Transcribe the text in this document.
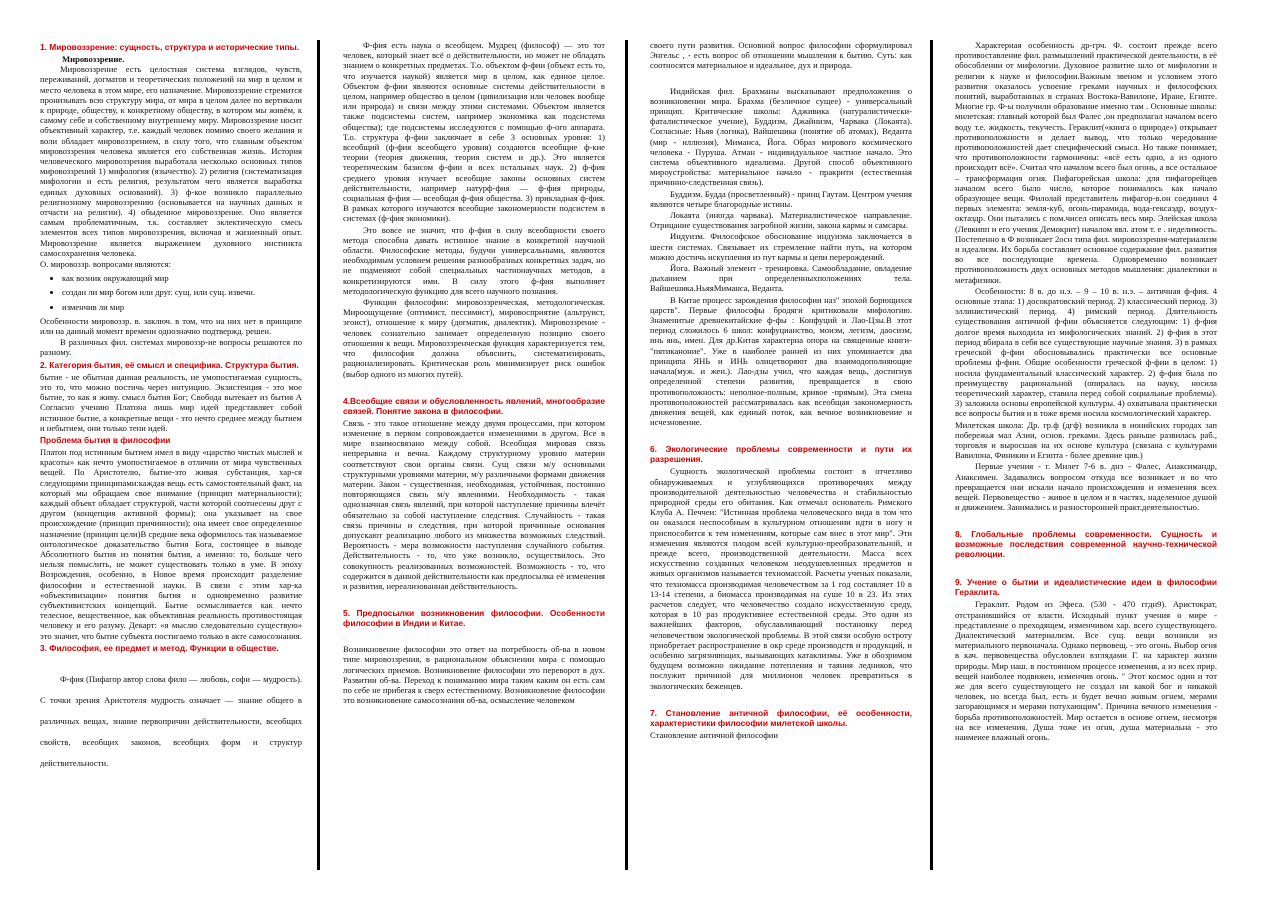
1. Мировоззрение: сущность, структура и исторические типы.
Мировоззрение.

Мировоззрение есть целостная система взглядов, чувств, переживаний, догматов и теоретических положений на мир в целом и место человека в этом мире, его назначение. Мировоззрение стремится пронизывать всю структуру мира, от мира в целом далее по вертикали к природе, обществу, к конкретному обществу, в котором мы живём, к самому себе и собственному внутреннему миру. Мировоззрение носит объективный характер, т.е. каждый человек помимо своего желания и воли обладает мировоззрением, в силу того, что главным объектом мировоззрения человека является его собственная жизнь. История человеческого мировоззрения выработала несколько основных типов мировоззрений 1) мифология (язычество). 2) религия (систематизация мифологии и есть религия, результатом чего является выработка единых духовных оснований). 3) ф-кое возникло параллельно религиозному мировоззрению (основывается на научных данных и отчасти на религии). 4) обыденное мировоззрение. Оно является самым проблематичным, т.к. составляет эклектическую смесь элементов всех типов мировоззрения, включая и жизненный опыт. Мировоззрение является выражением духовного инстинкта самосохранения человека.

О. мировоззр. вопросами являются:

• как возник окружающий мир
• создан ли мир богом или друг. сущ. или сущ. извечн.
• изменчив ли мир

Особенности мировоззр. в. заключ. в том, что на них нет в принципе или на данный момент времени однозначно подтвержд. решен.

В различных фил. системах мировоззр-ие вопросы решаются по разному.

2. Категория бытия, её смысл и специфика. Структура бытия.

бытие - не обытная данная реальность, не умопостигаемая сущность, это то, что можно постичь через интуицию. Экзистенция - это мое бытие, то как я живу. смысл бытия Бог; Свобода вытекает из бытия А Согласно учению Платона лишь мир идей представляет собой истинное бытие, а конкретные вещи - это нечто среднее между бытием и небытием, они только тени идей.

Проблема бытия в философии

Платон под истинным бытием имел в виду «царство чистых мыслей и красоты» как нечто умопостигаемое в отличии от мира чувственных вещей. По Аристотелю, бытие-это живая субстанция, хар-ся следующими принципами:каждая вещь есть самостоятельный факт, на который мы обращаем свое внимание (принцип материальности); каждый объект обладает структурой, части которой соотнесены друг с другом (концепция активной формы); она указывает на свое происхождение (принцип причинности); она имеет свое определенное назначение (принцип цели)В средние века оформилось так называемое онтологическое доказательство бытия Бога, состоящее в выводе Абсолютного бытия из понятия бытия, а именно: то, больше чего нельзя помыслить, не может существовать только в уме. В эпоху Возрождения, особенно, в Новое время происходит разделение философии и естественной науки. В связи с этим хар-ка «объективизации» понятия бытия и одновременно развитие субъективистских концепций. Бытие осмысливается как нечто телесное, вещественное, как объективная реальность противостоящая человеку и его разуму. Декарт: «я мыслю следовательно существую» это значит, что бытие субъекта постигаемо только в акте самосознания.

3. Философия, ее предмет и метод. Функции в обществе.

Ф-фия (Пифагор автор слова фило — любовь, софи — мудрость). С точки зрения Аристотеля мудрость означает — знание общего в различных вещах, знание первопричин действительности, всеобщих свойств, всеобщих законов, всеобщих форм и структур действительности.

Ф-фия есть наука о всеобщем. Мудрец (философ) — это тот человек, который знает всё о действительности, но может не обладать знанием о конкретных предметах. Т.о. объектом ф-фии (объект есть то, что изучается наукой) является мир в целом, как единое целое. Объектом ф-фии являются основные системы действительности в целом, например общество в целом (цивилизация или человек вообще или природа) и связи между этими системами. Объектом является также подсистемы систем, например экономика как подсистема общества); где подсистемы исследуются с помощью ф-ого аппарата. Т.о. структура ф-фии заключает в себе 3 основных уровня: 1) всеобщий (ф-фия всеобщего уровня) создаются всеобщие ф-кие теории (теория движения, теория систем и др.). Это является теоретическим базисом ф-фии и всех остальных наук. 2) ф-фия среднего уровня изучает всеобщие законы основных систем действительности, например натурф-фия — ф-фия природы, социальная ф-фия — всеобщая ф-фия общества. 3) прикладная ф-фия. В рамках которого изучаются всеобщие закономерности подсистем в системах (ф-фия экономики).

Это вовсе не значит, что ф-фия в силу всеобщности своего метода способна давать истинное знание в конкретной научной области. Философские методы, будучи универсальными, являются необходимым условием решения разнообразных конкретных задач, но не подменяют собой специальных частнонаучных методов, а конкретизируются ими. В силу этого ф-фия выполняет методологическую функцию для всего научного познания.

Функции философии: мировоззренческая, методологическая. Мироощущение (оптимист, пессимист), мировосприятие (альтруист, эгоист), отношение к миру (догматик, диалектик). Мировоззрение - человек сознательно занимает определенную позицию своего отношения к вещи. Мировоззренческая функция характеризуется тем, что философия должна объяснить, систематизировать, рационализировать. Критическая роль минимизирует риск ошибок (выбор одного из многих путей).

4.Всеобщие связи и обусловленность явлений, многообразие связей. Понятие закона в философии.

Связь - это такое отношение между двумя процессами, при котором изменение в первом сопровождается изменениями в другом. Все в мире взаимосвязано между собой. Всеобщая мировая связь непрерывна и вечна. Каждому структурному уровню материи соответствуют свои органы связи. Сущ связи м/у основными структурными уровнями материи, м/у различными формами движения материи. Закон - существенная, необходимая, устойчивая, постоянно повторяющаяся связь м/у явлениями. Необходимость - такая однозначная связь явлений, при которой наступление причины влечёт обязательно за собой наступление следствия. Случайность - такая связь причины и следствия, при которой причинные основания допускают реализацию любого из множества возможных следствий. Вероятность - мера возможности наступления случайного события. Действительность - то, что уже возникло, осуществилось. Это совокупность реализованных возможностей. Возможность - то, что содержится в данной действительности как предпосылка её изменения и развития, нереализованная действительность.

5. Предпосылки возникновения философии. Особенности философии в Индии и Китае.

Возникновение философии это ответ на потребность об-ва в новом типе мировоззрения, в рациональном объяснении мира с помощью логических приемов. Возникновение философии это переворот в дух. Развитии об-ва. Переход к пониманию мира таким каким он есть сам по себе не прибегая к сверх естественному. Возникновение философии это возникновение самосознания об-ва, осмысление человеком

своего пути развития. Основной вопрос философии сформулировал Энгельс , - есть вопрос об отношении мышления к бытию. Суть: как соотносятся материальное и идеальное, дух и природа.

Индийская фил. Брахманы высказывают предположения о возникновении мира. Брахма (безличное сущее) - универсальный принцип. Критические школы: Адживика (натуралистически-фаталистическое учение), Буддизм, Джайнизм, Чарвака (Локаята). Согласные: Ньяя (логика), Вайшешика (понятие об атомах), Веданта (мир - иллюзия), Миманса, Йога. Образ мирового космического человека - Пуруша. Атман - индивидуальное частное начало. Это система объективного идеализма. Другой способ объективного мироустройства: материальное начало - пракрити (естественная причинно-следственная связь).

Буддизм. Будда (просветленный) - принц Гаутам. Центром учения являются четыре благородные истины.

Локаята (иногда чарвака). Материалистическое направление. Отрицание существования загробной жизни, закона кармы и самсары.

Индуизм. Философское обоснование индуизма заключается в шести системах. Связывает их стремление найти путь, на котором можно достичь искупления из пут кармы и цепи перерождений.

Йога. Важный элемент - тренировка. Самообладание, овладение дыханием при определенныхположениях тела. Вайшешика.НьяяМиманса, Веданта.

В Китае процесс зарождения философии наз" эпохой борющихся царств". Первые философы бродяги критиковали мифологию. Знаменитые древнекитайские ф-фы : Конфуций и Лао-Цзы.В этот период сложилось 6 школ: конфуцианство, моизм, легизм, даосизм, инь янь, имен. Для др.Китая характерна опора на священные книги-"пятиканоние". Уже в наиболее ранней из них упоминается два принципа ЯНЬ и ИНЬ олицетворяют два взаимодополняющие начала(муж. и жен.). Лао-дзы учил, что каждая вещь, достигнув определенной степени развития, превращается в свою противоположность: неполное-полным, кривое -прямым). Эта смена противоположностей рассматривалась как всеобщая закономерность движения вещей, как единый поток, как вечное возникновение и исчезновение.

6. Экологические проблемы современности и пути их разрешения.

Сущность экологической проблемы состоит в отчетливо обнаруживаемых и углубляющихся противоречиях между производительной деятельностью человечества и стабильностью природной среды его обитания. Как отмечал основатель Римского Клуба А. Печчеи: "Истинная проблема человеческого вида в том что он оказался неспособным в культурном отношении идти в ногу и приспособится к тем изменениям, которые сам внес в этот мир". Эти изменения являются плодом всей культурно-преобразовательной, и прежде всего, производственной деятельности. Масса всех искусственно созданных человеком неодушевленных предметов и живых организмов называется техномассой. Расчеты ученых показали, что техномасса производимая человечеством за 1 год составляет 10 в 13-14 степени, а биомасса производимая на суше 10 в 23. Из этих расчетов следует, что человечество создало искусственную среду, которая в 10 раз продуктивнее естественной среды. Это одни из важнейших факторов, обуславливающий постановку перед человечеством экологической проблемы. В этой связи особую остроту приобретает распространение в окр среде производств и продукций, и особенно загрязняющих, вызывающих катаклизмы. Уже в обозримом будущем возможно ожидание потепления и таяния ледников, что послужит причиной для миллионов человек превратиться в экологических беженцев.

7. Становление античной философии, её особенности, характеристики философии милетской школы.

Становление античной философии

Характерная особенность др-грч. Ф. состоит прежде всего противоставление фил. размышлений практической деятельности, в её обособлении от мифологии. Духовное развитие шло от мифологии и религии к науке и философии.Важным звеном и условием этого развития оказалось усвоение греками научных и философских понятий, выработанных в странах Востока-Вавилоне, Иране, Египте. Многие гр. Ф-ы получили образование именно там . Основные школы: милетская: главный которой был Фалес ,он предполагал началом всего воду т.е. жидкость, текучесть. Гераклит(«книга о природе») открывает противоположности и делает вывод, что только чередование противоположностей дает специфический смысл. Но также понимает, что противоположности гармоничны: «всё есть одно, а из одного происходит всё». Считал что началом всего был огонь, а все остальное – трансформация огня. Пифагорейская школа: для пифагорейцев началом всего было число, которое понималось как начало образующее вещи. Филолай представитель пифагор-в.он соединил 4 первых элемента: земля-куб, огонь-пирамида, вода-гексаэдр, воздух-октаэдр. Они пытались с пом.чисел описать весь мир. Элейская школа (Левкипп и его ученик Демокрит) началом явл. атом т. е . неделимость. Постепенно в Ф возникает 2осн типа фил. мировоззрения-материализм и идеализм. Их борьба составляет основное содержание фил. развития во все последующие времена. Одновременно возникает противоположность двух основных методов мышления: диалектики и метафизики.

Особенности: 8 в. до н.э. – 9 – 10 в. н.э. – античная ф-фия. 4 основные этапа: 1) досократовский период. 2) классический период. 3) эллинистический период. 4) римский период. Длительность существования античной ф-фии объясняется следующим: 1) ф-фия долгое время выходила из мифологических знаний. 2) ф-фия в этот период вбирала в себя все существующие научные знания. 3) в рамках греческой ф-фии обосновывались практически все основные проблемы ф-фии. Общие особенности греческой ф-фии в целом: 1) носила фундаментальный классический характер. 2) ф-фия была по преимуществу рациональной (опиралась на науку, носила теоретический характер, ставила перед собой социальные проблемы). 3) заложила основы европейской культуры. 4) охватывала практически все вопросы бытия и в тоже время носила космологический характер.

Милетская школа: Др. гр.ф (дгф) возникла в ионийских городах зап побережья мал Азии, основ. греками. Здесь раньше развилась раб., торговля и выросшая на их основе культура (связана с культурами Вавилона, Финикии и Египта - более древние цив.)

Первые учения - г. Милет 7-6 в. днэ - Фалес, Анаксимандр, Анаксимен. Задавались вопросом откуда все возникает и во что превращается они искали начало происхождения и изменения всех вещей. Первовещество - живое в целом и в частях, наделенное душой и движением. Занимались и разносторонней практ.деятельностью.

8. Глобальные проблемы современности. Сущность и возможные последствия современной научно-технической революции.
9. Учение о бытии и идеалистические идеи в философии Гераклита.

Гераклит. Родом из Эфеса. (530 - 470 ггдн9). Аристократ, отстранившийся от власти. Исходный пункт учения о мире - представление о преходящем, изменчивом хар. всего существующего. Диалектический материализм. Все сущ. вещи возникли из материального первоначала. Однако первовещ. - это огонь. Выбор огня в кач. первовещества обусловлен взглядами Г. на характер жизни природы. Мир наш. в постоянном процессе изменения, а из всех прир. вещей наиболее подвижен, изменчив огонь. " Этот космос один и тот же для всего существующего не создал ни какой бог и никакой человек, но всегда был, есть и будет вечно живым огнем, мерами загорающимся и мерами потухающим". Причина вечного изменения - борьба противоположностей. Мир остается в основе огнем, несмотря на все изменения. Душа тоже из огня, душа материальна - это наименее влажный огонь.
